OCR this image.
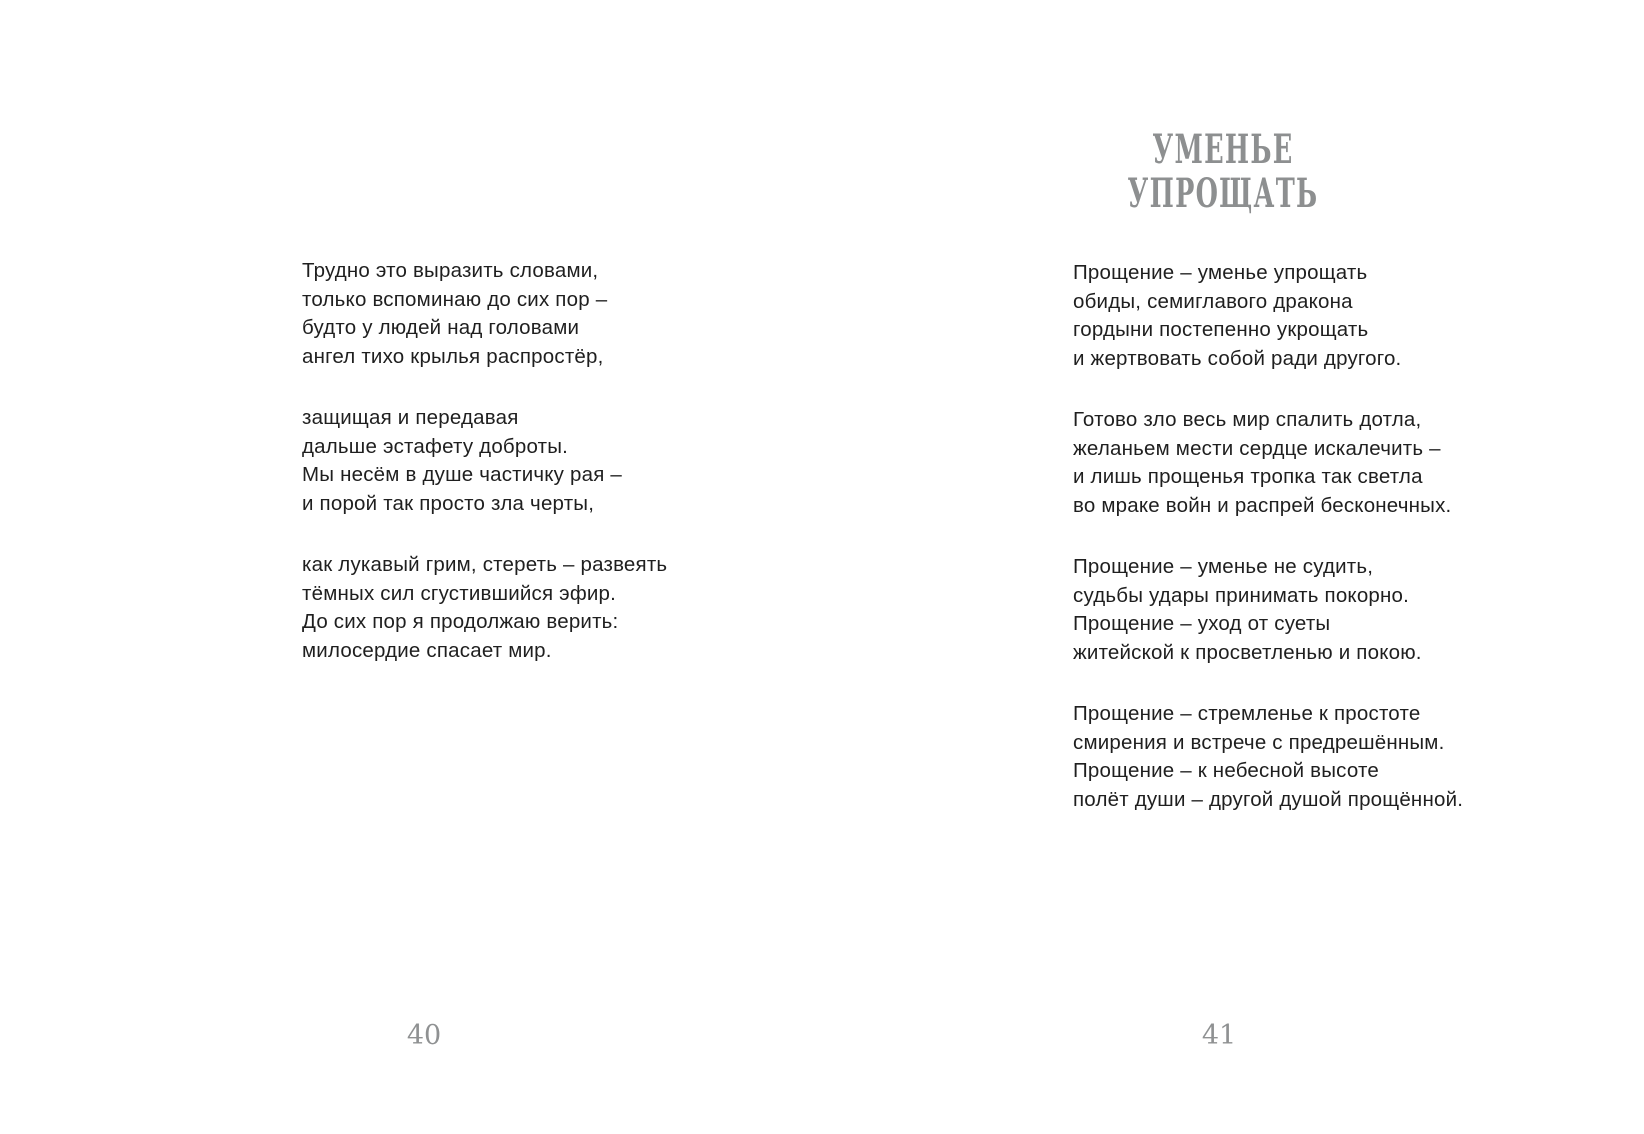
Трудно это выразить словами,
только вспоминаю до сих пор –
будто у людей над головами
ангел тихо крылья распростёр,
защищая и передавая
дальше эстафету доброты.
Мы несём в душе частичку рая –
и порой так просто зла черты,
как лукавый грим, стереть – развеять
тёмных сил сгустившийся эфир.
До сих пор я продолжаю верить:
милосердие спасает мир.
40
УМЕНЬЕ
УПРОЩАТЬ
Прощение – уменье упрощать
обиды, семиглавого дракона
гордыни постепенно укрощать
и жертвовать собой ради другого.
Готово зло весь мир спалить дотла,
желаньем мести сердце искалечить –
и лишь прощенья тропка так светла
во мраке войн и распрей бесконечных.
Прощение – уменье не судить,
судьбы удары принимать покорно.
Прощение – уход от суеты
житейской к просветленью и покою.
Прощение – стремленье к простоте
смирения и встрече с предрешённым.
Прощение – к небесной высоте
полёт души – другой душой прощённой.
41
